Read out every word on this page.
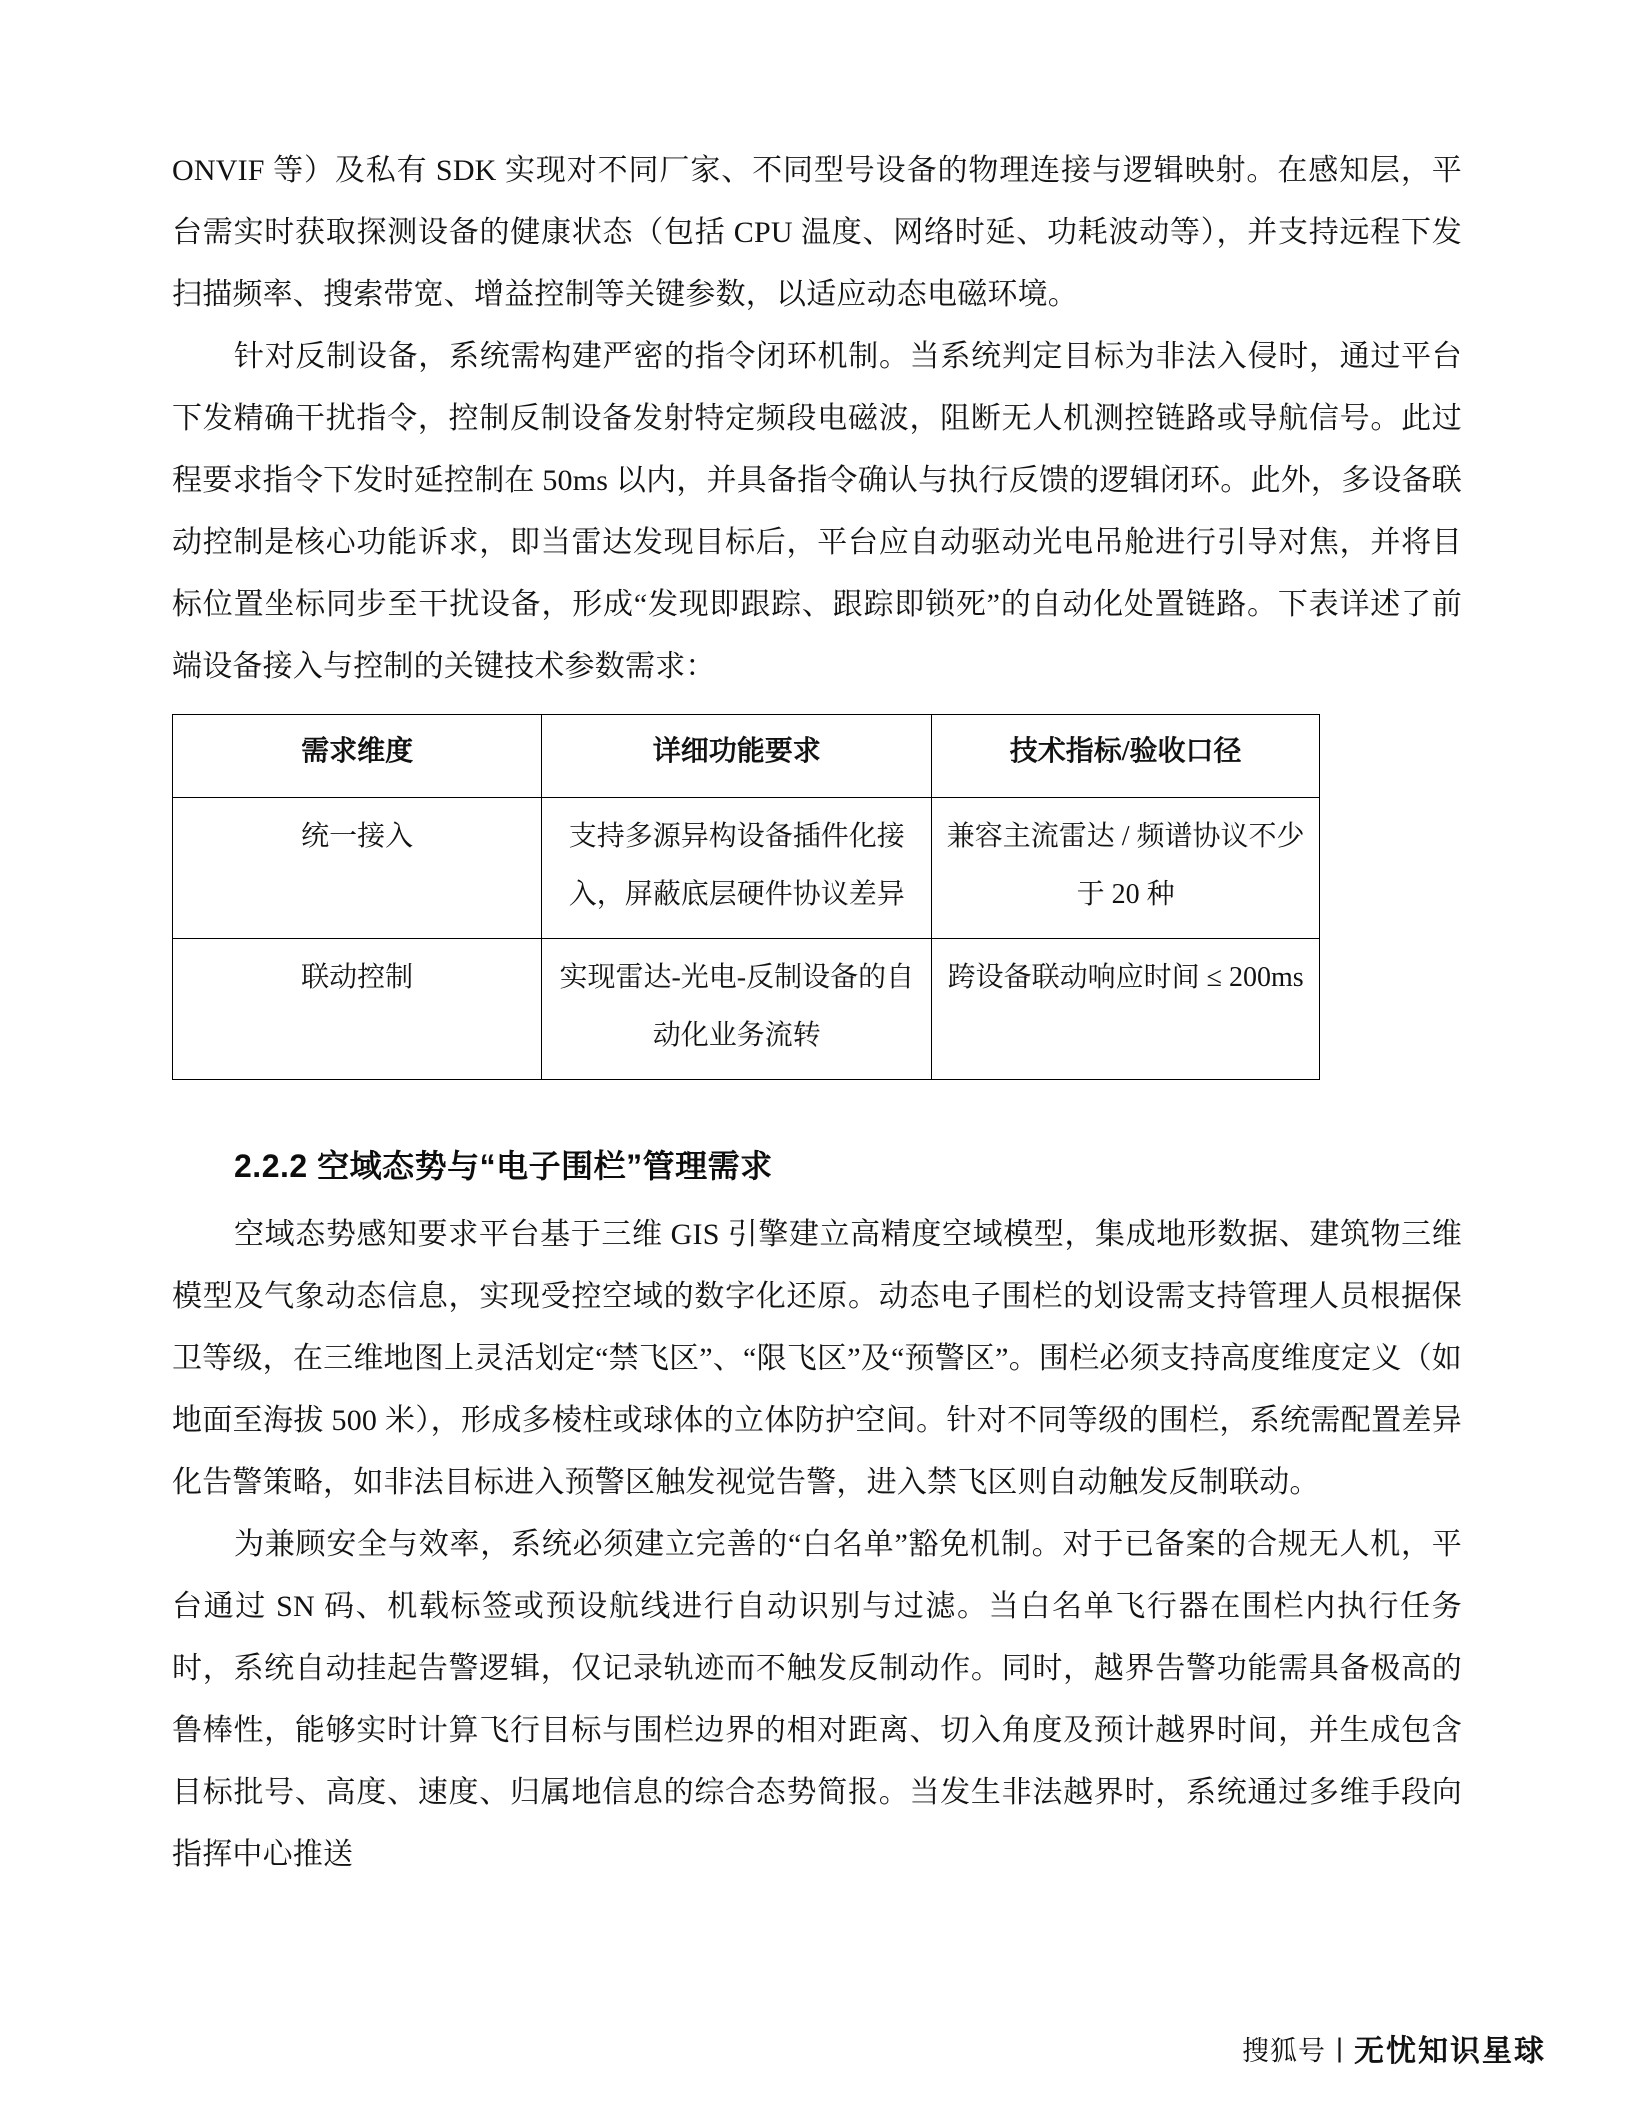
ONVIF 等）及私有 SDK 实现对不同厂家、不同型号设备的物理连接与逻辑映射。在感知层，平台需实时获取探测设备的健康状态（包括 CPU 温度、网络时延、功耗波动等），并支持远程下发扫描频率、搜索带宽、增益控制等关键参数，以适应动态电磁环境。

针对反制设备，系统需构建严密的指令闭环机制。当系统判定目标为非法入侵时，通过平台下发精确干扰指令，控制反制设备发射特定频段电磁波，阻断无人机测控链路或导航信号。此过程要求指令下发时延控制在 50ms 以内，并具备指令确认与执行反馈的逻辑闭环。此外，多设备联动控制是核心功能诉求，即当雷达发现目标后，平台应自动驱动光电吊舱进行引导对焦，并将目标位置坐标同步至干扰设备，形成“发现即跟踪、跟踪即锁死”的自动化处置链路。下表详述了前端设备接入与控制的关键技术参数需求：

需求维度	详细功能要求	技术指标/验收口径
统一接入	支持多源异构设备插件化接入，屏蔽底层硬件协议差异	兼容主流雷达 / 频谱协议不少于 20 种
联动控制	实现雷达-光电-反制设备的自动化业务流转	跨设备联动响应时间 ≤ 200ms
2.2.2 空域态势与“电子围栏”管理需求

空域态势感知要求平台基于三维 GIS 引擎建立高精度空域模型，集成地形数据、建筑物三维模型及气象动态信息，实现受控空域的数字化还原。动态电子围栏的划设需支持管理人员根据保卫等级，在三维地图上灵活划定“禁飞区”、“限飞区”及“预警区”。围栏必须支持高度维度定义（如地面至海拔 500 米），形成多棱柱或球体的立体防护空间。针对不同等级的围栏，系统需配置差异化告警策略，如非法目标进入预警区触发视觉告警，进入禁飞区则自动触发反制联动。

为兼顾安全与效率，系统必须建立完善的“白名单”豁免机制。对于已备案的合规无人机，平台通过 SN 码、机载标签或预设航线进行自动识别与过滤。当白名单飞行器在围栏内执行任务时，系统自动挂起告警逻辑，仅记录轨迹而不触发反制动作。同时，越界告警功能需具备极高的鲁棒性，能够实时计算飞行目标与围栏边界的相对距离、切入角度及预计越界时间，并生成包含目标批号、高度、速度、归属地信息的综合态势简报。当发生非法越界时，系统通过多维手段向指挥中心推送

搜狐号 | 无忧知识星球
